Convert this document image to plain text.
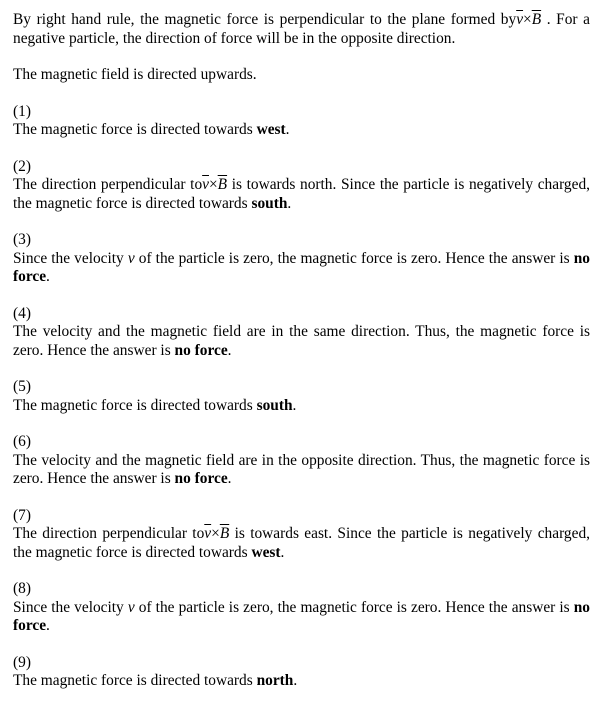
By right hand rule, the magnetic force is perpendicular to the plane formed $by\overline{v}\times\overline{B}$ . For a negative particle, the direction of force will be in the opposite direction.

The magnetic field is directed upwards.

(1)

The magnetic force is directed towards west.

(2)

The direction perpendicular $to\overline{v}\times\overline{B}$ is towards north. Since the particle is negatively charged, the magnetic force is directed towards south.

(3)

Since the velocity v of the particle is zero, the magnetic force is zero. Hence the answer is no force.

(4)

The velocity and the magnetic field are in the same direction. Thus, the magnetic force is zero. Hence the answer is no force.

(5)

The magnetic force is directed towards south.

(6)

The velocity and the magnetic field are in the opposite direction. Thus, the magnetic force is zero. Hence the answer is no force.

(7)

The direction perpendicular $to\overline{v}\times\overline{B}$ is towards east. Since the particle is negatively charged, the magnetic force is directed towards west.

(8)

Since the velocity v of the particle is zero, the magnetic force is zero. Hence the answer is no force.

(9)

The magnetic force is directed towards north.
